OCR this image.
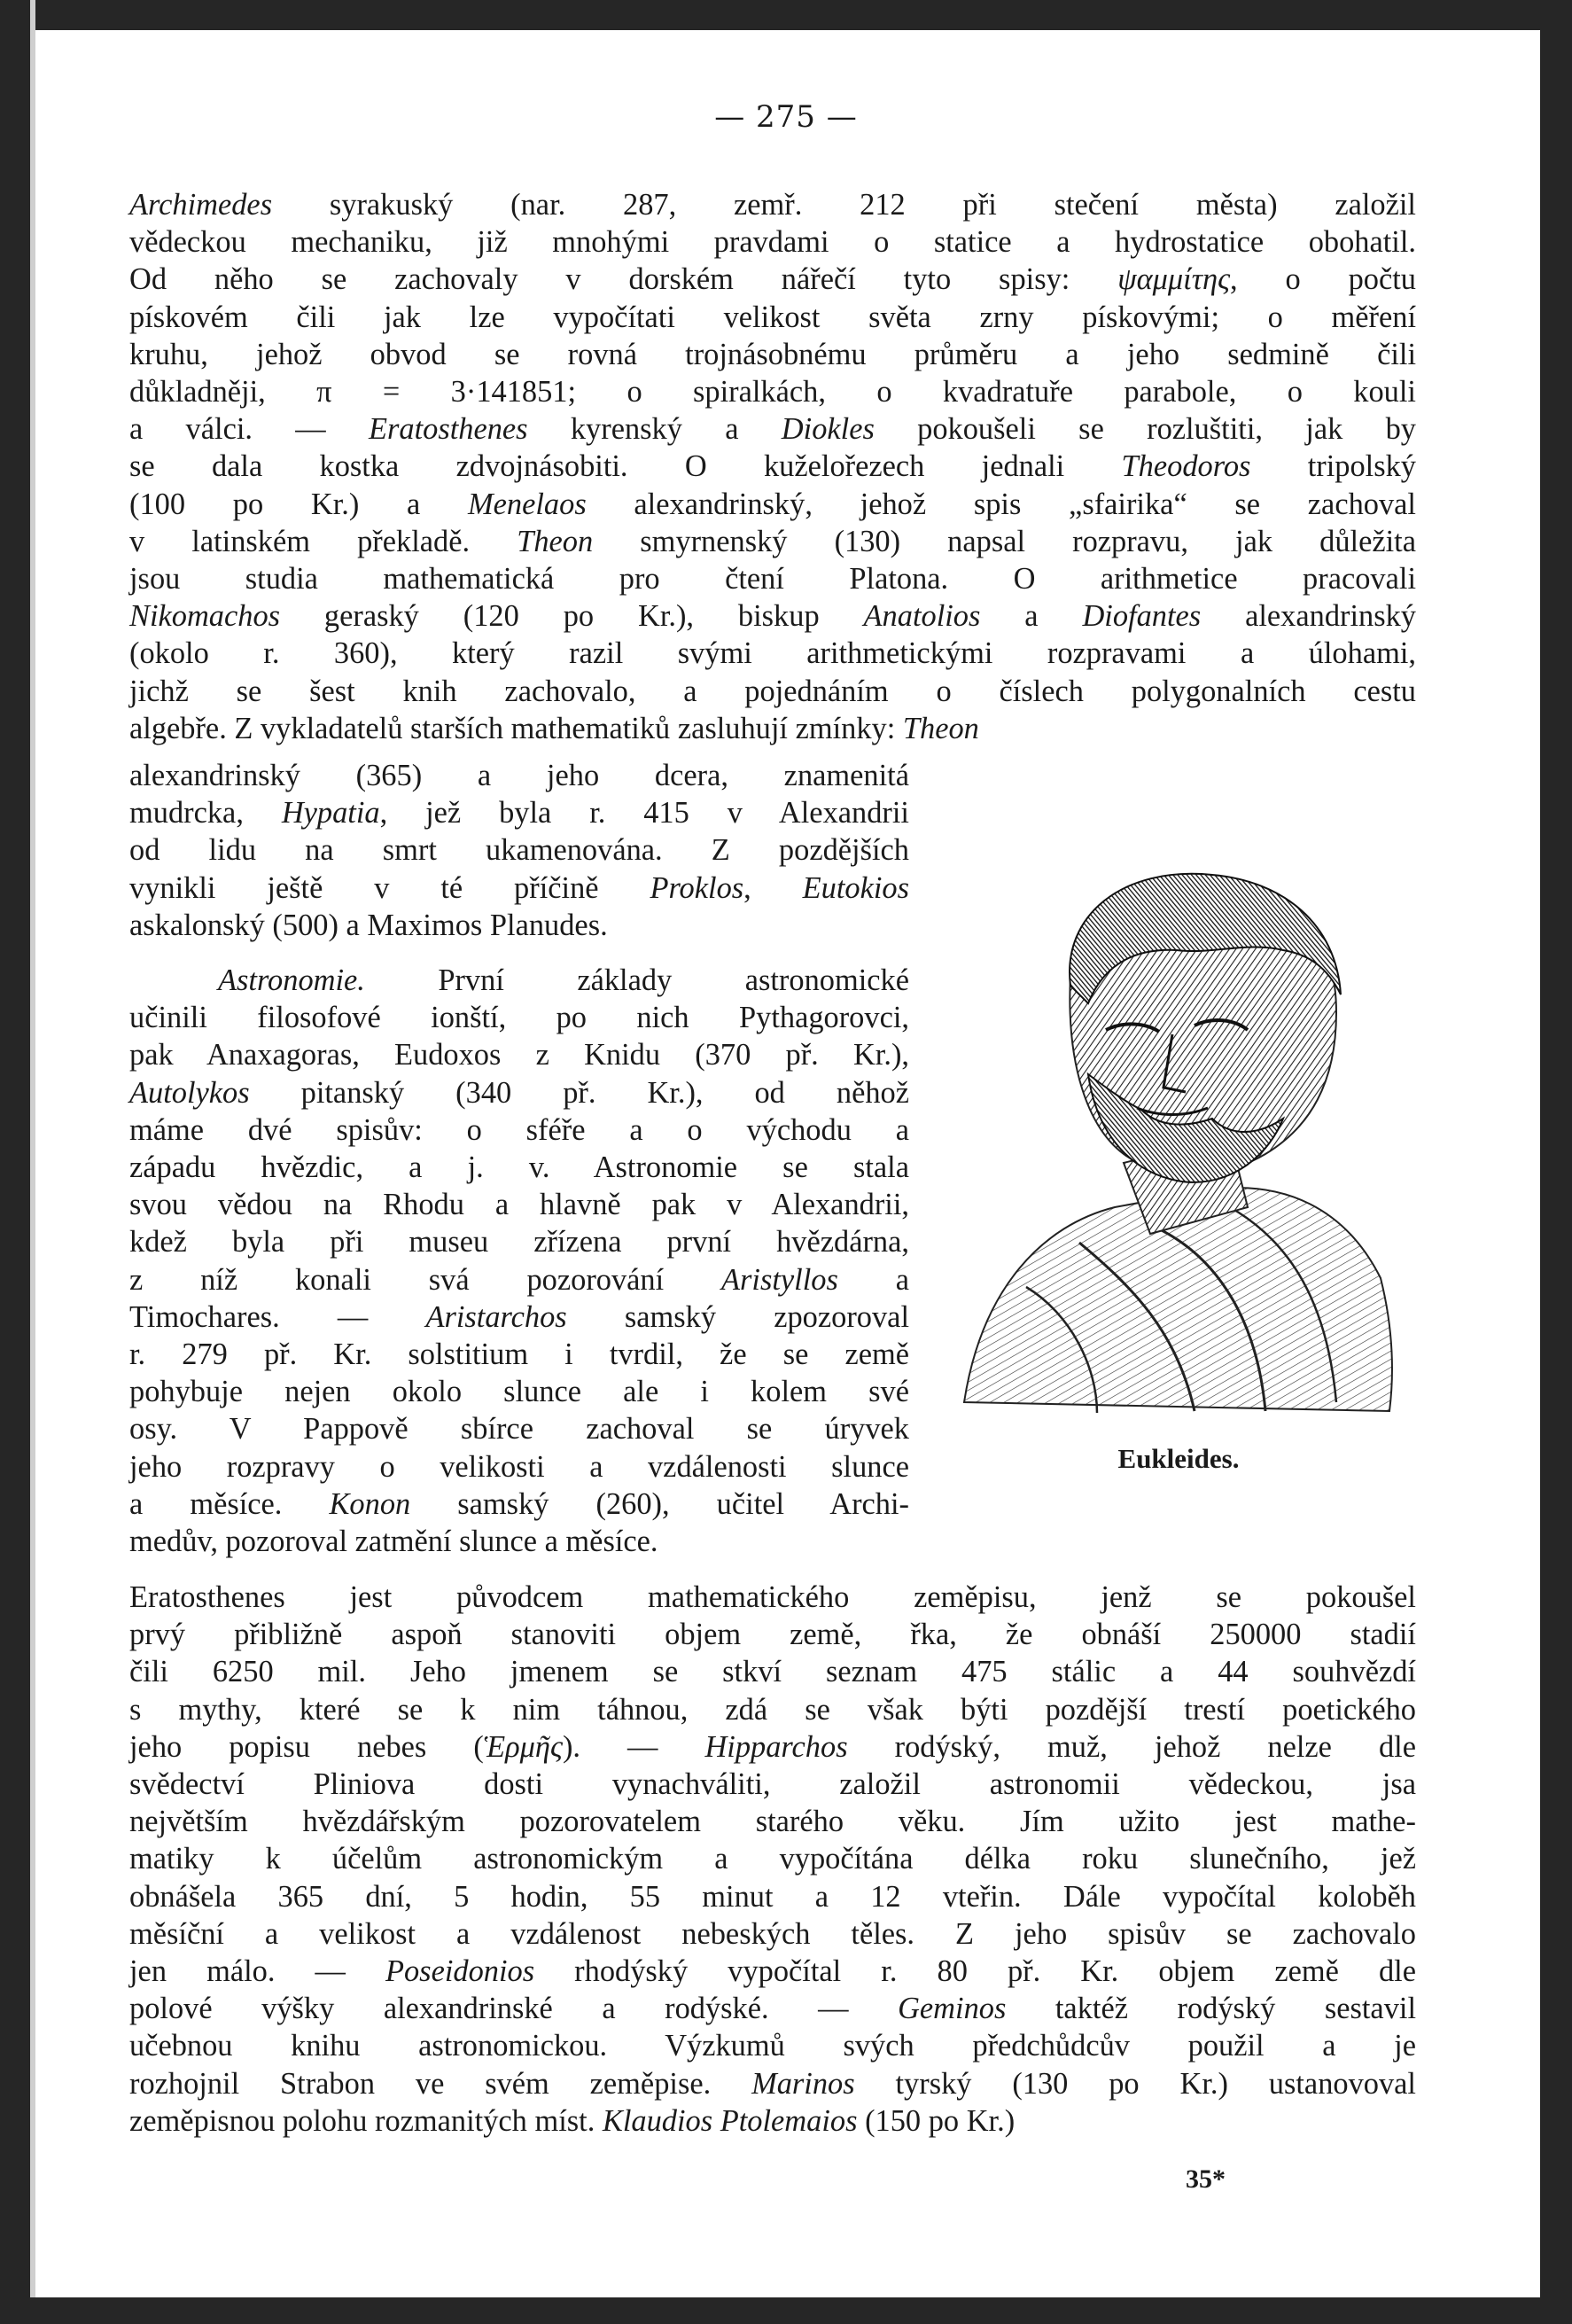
— 275 —
Archimedes syrakuský (nar. 287, zemř. 212 při stečení města) založil
vědeckou mechaniku, již mnohými pravdami o statice a hydrostatice obohatil.
Od něho se zachovaly v dorském nářečí tyto spisy: ψαμμίτης, o počtu
pískovém čili jak lze vypočítati velikost světa zrny pískovými; o měření
kruhu, jehož obvod se rovná trojnásobnému průměru a jeho sedmině čili
důkladněji, π = 3·141851; o spiralkách, o kvadratuře parabole, o kouli
a válci. — Eratosthenes kyrenský a Diokles pokoušeli se rozluštiti, jak by
se dala kostka zdvojnásobiti. O kuželořezech jednali Theodoros tripolský
(100 po Kr.) a Menelaos alexandrinský, jehož spis „sfairika“ se zachoval
v latinském překladě. Theon smyrnenský (130) napsal rozpravu, jak důležita
jsou studia mathematická pro čtení Platona. O arithmetice pracovali
Nikomachos geraský (120 po Kr.), biskup Anatolios a Diofantes alexandrinský
(okolo r. 360), který razil svými arithmetickými rozpravami a úlohami,
jichž se šest knih zachovalo, a pojednáním o číslech polygonalních cestu
algebře. Z vykladatelů starších mathematiků zasluhují zmínky: Theon
alexandrinský (365) a jeho dcera, znamenitá
mudrcka, Hypatia, jež byla r. 415 v Alexandrii
od lidu na smrt ukamenována. Z pozdějších
vynikli ještě v té příčině Proklos, Eutokios
askalonský (500) a Maximos Planudes.
Astronomie. První základy astronomické
učinili filosofové ionští, po nich Pythagorovci,
pak Anaxagoras, Eudoxos z Knidu (370 př. Kr.),
Autolykos pitanský (340 př. Kr.), od něhož
máme dvé spisův: o sféře a o východu a
západu hvězdic, a j. v. Astronomie se stala
svou vědou na Rhodu a hlavně pak v Alexandrii,
kdež byla při museu zřízena první hvězdárna,
z níž konali svá pozorování Aristyllos a
Timochares. — Aristarchos samský zpozoroval
r. 279 př. Kr. solstitium i tvrdil, že se země
pohybuje nejen okolo slunce ale i kolem své
osy. V Pappově sbírce zachoval se úryvek
jeho rozpravy o velikosti a vzdálenosti slunce
a měsíce. Konon samský (260), učitel Archi-
medův, pozoroval zatmění slunce a měsíce.
Eratosthenes jest původcem mathematického zeměpisu, jenž se pokoušel
prvý přibližně aspoň stanoviti objem země, řka, že obnáší 250000 stadií
čili 6250 mil. Jeho jmenem se stkví seznam 475 stálic a 44 souhvězdí
s mythy, které se k nim táhnou, zdá se však býti pozdější trestí poetického
jeho popisu nebes (Ἑρμῆς). — Hipparchos rodýský, muž, jehož nelze dle
svědectví Pliniova dosti vynachváliti, založil astronomii vědeckou, jsa
největším hvězdářským pozorovatelem starého věku. Jím užito jest mathe-
matiky k účelům astronomickým a vypočítána délka roku slunečního, jež
obnášela 365 dní, 5 hodin, 55 minut a 12 vteřin. Dále vypočítal koloběh
měsíční a velikost a vzdálenost nebeských těles. Z jeho spisův se zachovalo
jen málo. — Poseidonios rhodýský vypočítal r. 80 př. Kr. objem země dle
polové výšky alexandrinské a rodýské. — Geminos taktéž rodýský sestavil
učebnou knihu astronomickou. Výzkumů svých předchůdcův použil a je
rozhojnil Strabon ve svém zeměpise. Marinos tyrský (130 po Kr.) ustanovoval
zeměpisnou polohu rozmanitých míst. Klaudios Ptolemaios (150 po Kr.)
Eukleides.
35*
